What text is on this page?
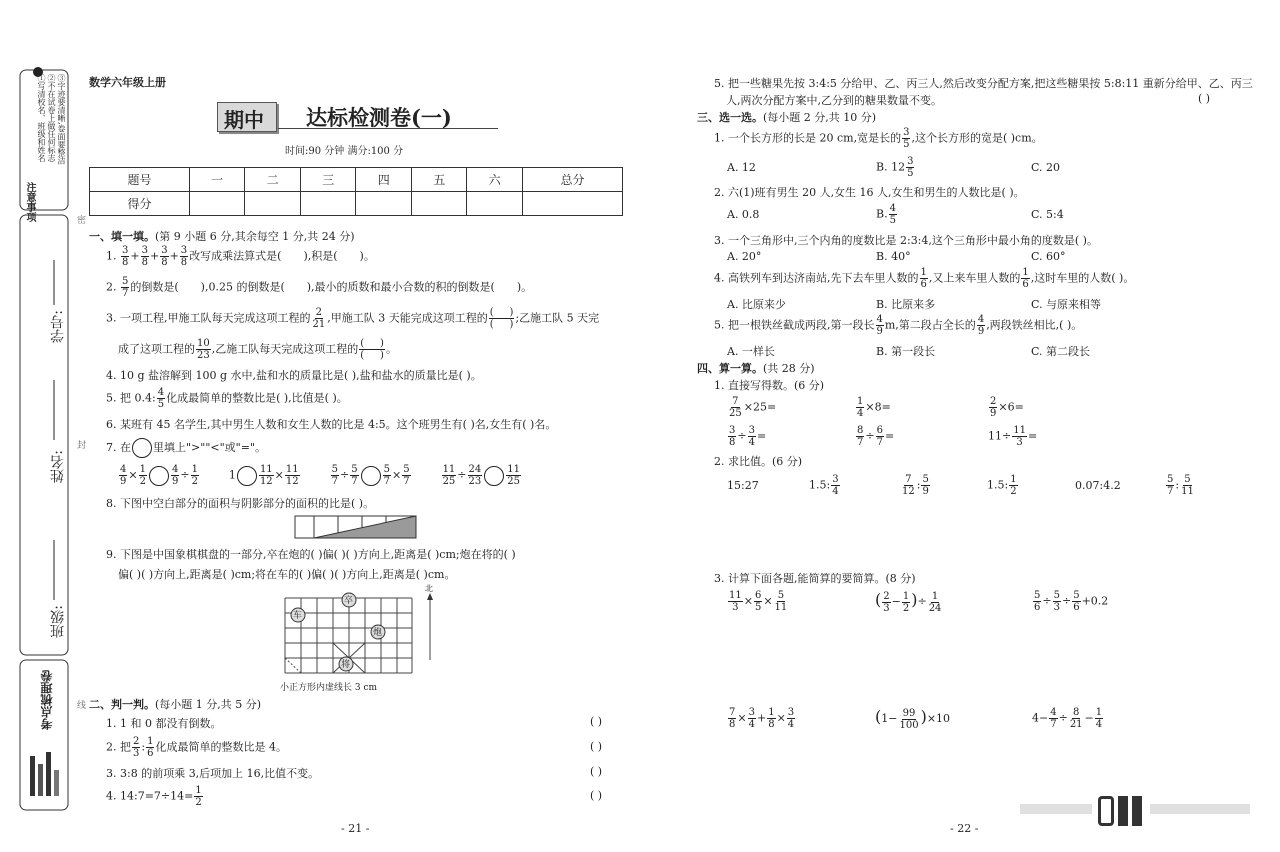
注意事项
①写清校名、班级和姓名 ②不在试卷上做任何标志 ③字迹要清晰,卷面要整洁
学号:
姓名:
班级:
密
封
线
考点梳理卷
数学六年级上册
期中 达标检测卷(一)
时间:90 分钟 满分:100 分
题号	一	二	三	四	五	六	总分
得分							
一、填一填。(第 9 小题 6 分,其余每空 1 分,共 24 分)
1. $\frac{3}{8} + \frac{3}{8} + \frac{3}{8} + \frac{3}{8}$ 改写成乘法算式是( ),积是( )。
2. $\frac{5}{7}$ 的倒数是( ),0.25 的倒数是( ),最小的质数和最小合数的积的倒数是( )。
3. 一项工程,甲施工队每天完成这项工程的 $\frac{2}{21}$ ,甲施工队 3 天能完成这项工程的 $\frac{( )}{( )}$ ;乙施工队 5 天完
成了这项工程的 $\frac{10}{23}$ ,乙施工队每天完成这项工程的 $\frac{( )}{( )}$ 。
4. 10 g 盐溶解到 100 g 水中,盐和水的质量比是( ),盐和盐水的质量比是( )。
5. 把 0.4: $\frac{4}{5}$ 化成最简单的整数比是( ),比值是( )。
6. 某班有 45 名学生,其中男生人数和女生人数的比是 4:5。这个班男生有( )名,女生有( )名。
7. 在 里填上">""<"或"="。
$\frac{4}{9} \times \frac{1}{2} \frac{4}{9} \div \frac{1}{2} 1 \frac{11}{12} \times \frac{11}{12}$
	$\frac{5}{7} \div \frac{5}{7} \frac{5}{7} \times \frac{5}{7}$
	$\frac{11}{25} \div \frac{24}{23} \frac{11}{25}$
8. 下图中空白部分的面积与阴影部分的面积的比是( )。
9. 下图是中国象棋棋盘的一部分,卒在炮的( )偏( )( )方向上,距离是( )cm;炮在将的( )
偏( )( )方向上,距离是( )cm;将在车的( )偏( )( )方向上,距离是( )cm。
车
卒
炮
将
北
小正方形内虚线长 3 cm
二、判一判。(每小题 1 分,共 5 分)
1. 1 和 0 都没有倒数。	( )
2. 把 $\frac{2}{3}$ : $\frac{1}{6}$ 化成最简单的整数比是 4。	( )
3. 3:8 的前项乘 3,后项加上 16,比值不变。	( )
4. 14:7=7÷14= $\frac{1}{2}$	( )
- 21 -
5. 把一些糖果先按 3:4:5 分给甲、乙、丙三人,然后改变分配方案,把这些糖果按 5:8:11 重新分给甲、乙、丙三
人,两次分配方案中,乙分到的糖果数量不变。	( )
三、选一选。(每小题 2 分,共 10 分)
1. 一个长方形的长是 20 cm,宽是长的 $\frac{3}{5}$ ,这个长方形的宽是( )cm。
A. 12	B. $12 \frac{3}{5}$	C. 20
2. 六(1)班有男生 20 人,女生 16 人,女生和男生的人数比是( )。
A. 0.8	B. $\frac{4}{5}$	C. 5:4
3. 一个三角形中,三个内角的度数比是 2:3:4,这个三角形中最小角的度数是( )。
A. 20°	B. 40°	C. 60°
4. 高铁列车到达济南站,先下去车里人数的 $\frac{1}{6}$ ,又上来车里人数的 $\frac{1}{6}$ ,这时车里的人数( )。
A. 比原来少	B. 比原来多	C. 与原来相等
5. 把一根铁丝截成两段,第一段长 $\frac{4}{9} m$,第二段占全长的 $\frac{4}{9}$ ,两段铁丝相比,( )。
A. 一样长	B. 第一段长	C. 第二段长
四、算一算。(共 28 分)
1. 直接写得数。(6 分)
$\frac{7}{25} \times 25=$	$\frac{1}{4} \times 8=$	$\frac{2}{9} \times 6=$
$\frac{3}{8} \div \frac{3}{4}$ =	$\frac{8}{7} \div \frac{6}{7}$ =	$11\div \frac{11}{3}$ =
2. 求比值。(6 分)
15:27	1.5: $\frac{3}{4}$	$\frac{7}{12}$ : $\frac{5}{9}$	1.5: $\frac{1}{2}$	0.07:4.2	$\frac{5}{7}$ : $\frac{5}{11}$
3. 计算下面各题,能简算的要简算。(8 分)
$\frac{11}{3} \times \frac{6}{5} \times \frac{5}{11}$	( $\frac{2}{3} - \frac{1}{2}$ )÷ $\frac{1}{24}$	$\frac{5}{6} \div \frac{5}{3} \div \frac{5}{6} +0.2$
$\frac{7}{8} \times \frac{3}{4} + \frac{1}{8} \times \frac{3}{4}$	$(1- \frac{99}{100} )\times 10$	$4- \frac{4}{7} \div \frac{8}{21} - \frac{1}{4}$
- 22 -
